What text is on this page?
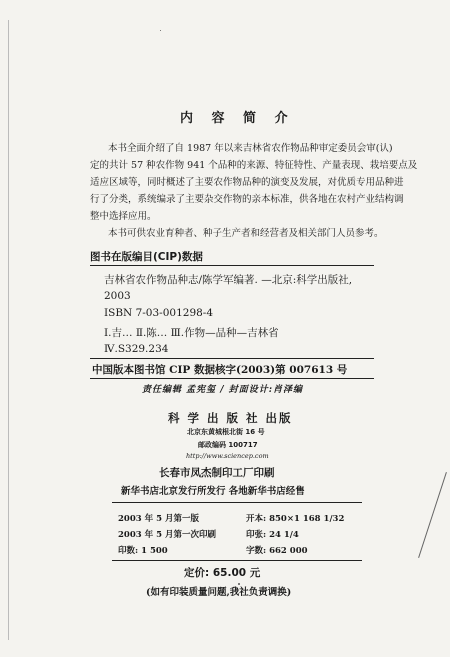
内 容 简 介
本书全面介绍了自 1987 年以来吉林省农作物品种审定委员会审(认)
定的共计 57 种农作物 941 个品种的来源、特征特性、产量表现、栽培要点及
适应区域等，同时概述了主要农作物品种的演变及发展，对优质专用品种进
行了分类，系统编录了主要杂交作物的亲本标准，供各地在农村产业结构调
整中选择应用。
本书可供农业育种者、种子生产者和经营者及相关部门人员参考。
图书在版编目(CIP)数据
吉林省农作物品种志/陈学军编著. —北京:科学出版社,
2003
ISBN 7-03-001298-4
Ⅰ.吉… Ⅱ.陈… Ⅲ.作物—品种—吉林省
Ⅳ.S329.234
中国版本图书馆 CIP 数据核字(2003)第 007613 号
责任编辑 孟宪玺 / 封面设计:肖泽编
科 学 出 版 社 出版
北京东黄城根北街 16 号
邮政编码 100717
http://www.sciencep.com
长春市凤杰制印工厂印刷
新华书店北京发行所发行 各地新华书店经售
2003 年 5 月第一版
2003 年 5 月第一次印刷
印数: 1 500
开本: 850×1 168 1/32
印张: 24 1/4
字数: 662 000
定价: 65.00 元
(如有印装质量问题,我社负责调换)
